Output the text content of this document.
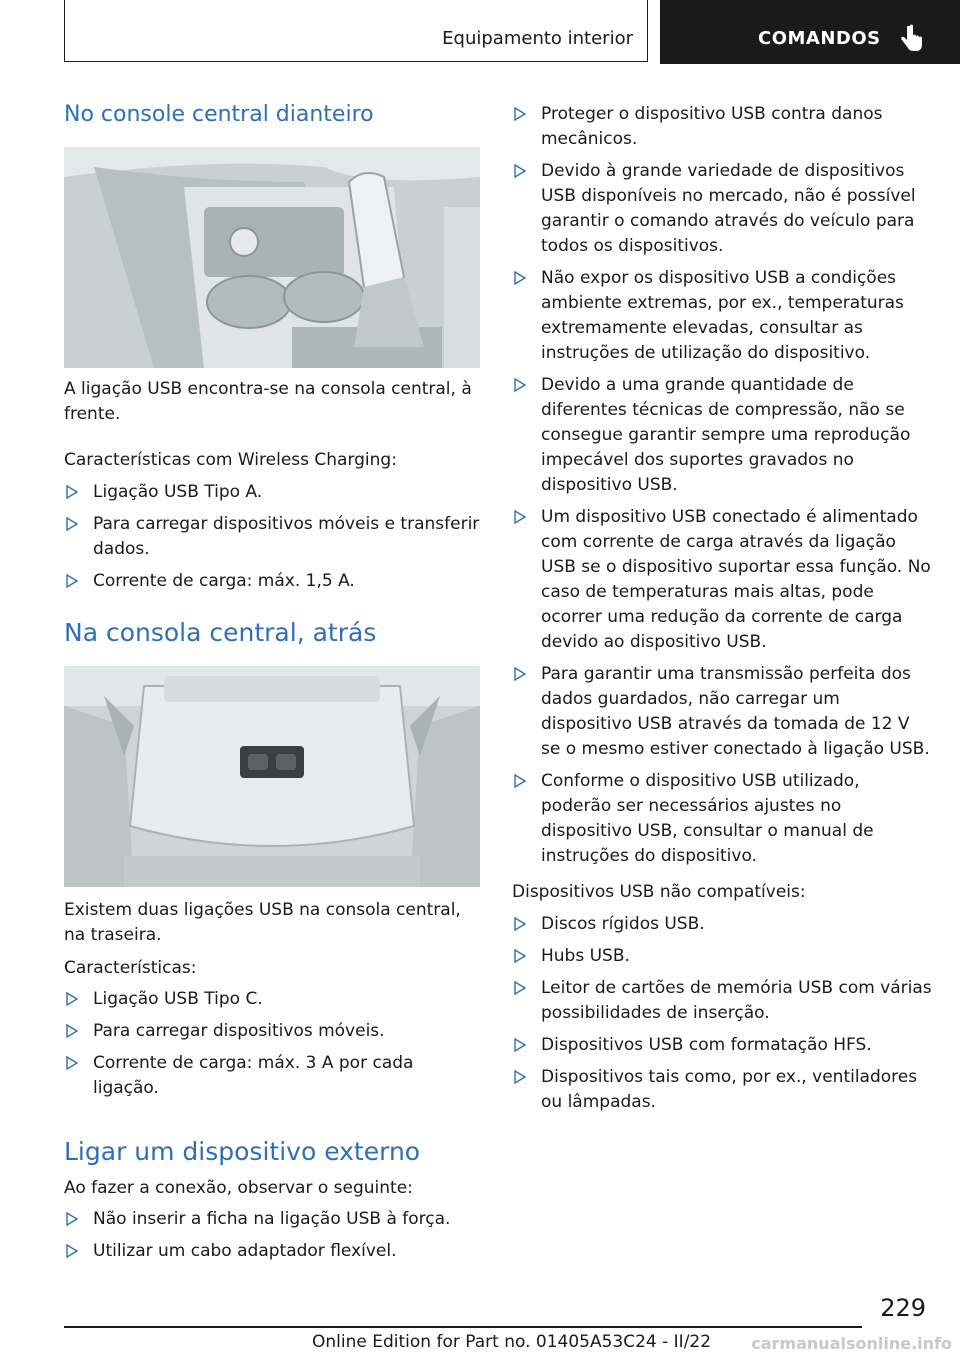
Equipamento interior	COMANDOS
No console central dianteiro

A ligação USB encontra-se na consola central, à frente.

Características com Wireless Charging:

Ligação USB Tipo A.
Para carregar dispositivos móveis e transferir dados.
Corrente de carga: máx. 1,5 A.
Na consola central, atrás

Existem duas ligações USB na consola central, na traseira.

Características:

Ligação USB Tipo C.
Para carregar dispositivos móveis.
Corrente de carga: máx. 3 A por cada ligação.
Ligar um dispositivo externo

Ao fazer a conexão, observar o seguinte:

Não inserir a ficha na ligação USB à força.
Utilizar um cabo adaptador flexível.
Proteger o dispositivo USB contra danos mecânicos.
Devido à grande variedade de dispositivos USB disponíveis no mercado, não é possível garantir o comando através do veículo para todos os dispositivos.
Não expor os dispositivo USB a condições ambiente extremas, por ex., temperaturas extremamente elevadas, consultar as instruções de utilização do dispositivo.
Devido a uma grande quantidade de diferentes técnicas de compressão, não se consegue garantir sempre uma reprodução impecável dos suportes gravados no dispositivo USB.
Um dispositivo USB conectado é alimentado com corrente de carga através da ligação USB se o dispositivo suportar essa função. No caso de temperaturas mais altas, pode ocorrer uma redução da corrente de carga devido ao dispositivo USB.
Para garantir uma transmissão perfeita dos dados guardados, não carregar um dispositivo USB através da tomada de 12 V se o mesmo estiver conectado à ligação USB.
Conforme o dispositivo USB utilizado, poderão ser necessários ajustes no dispositivo USB, consultar o manual de instruções do dispositivo.

Dispositivos USB não compatíveis:

Discos rígidos USB.
Hubs USB.
Leitor de cartões de memória USB com várias possibilidades de inserção.
Dispositivos USB com formatação HFS.
Dispositivos tais como, por ex., ventiladores ou lâmpadas.
229
Online Edition for Part no. 01405A53C24 - II/22	carmanualsonline.info
